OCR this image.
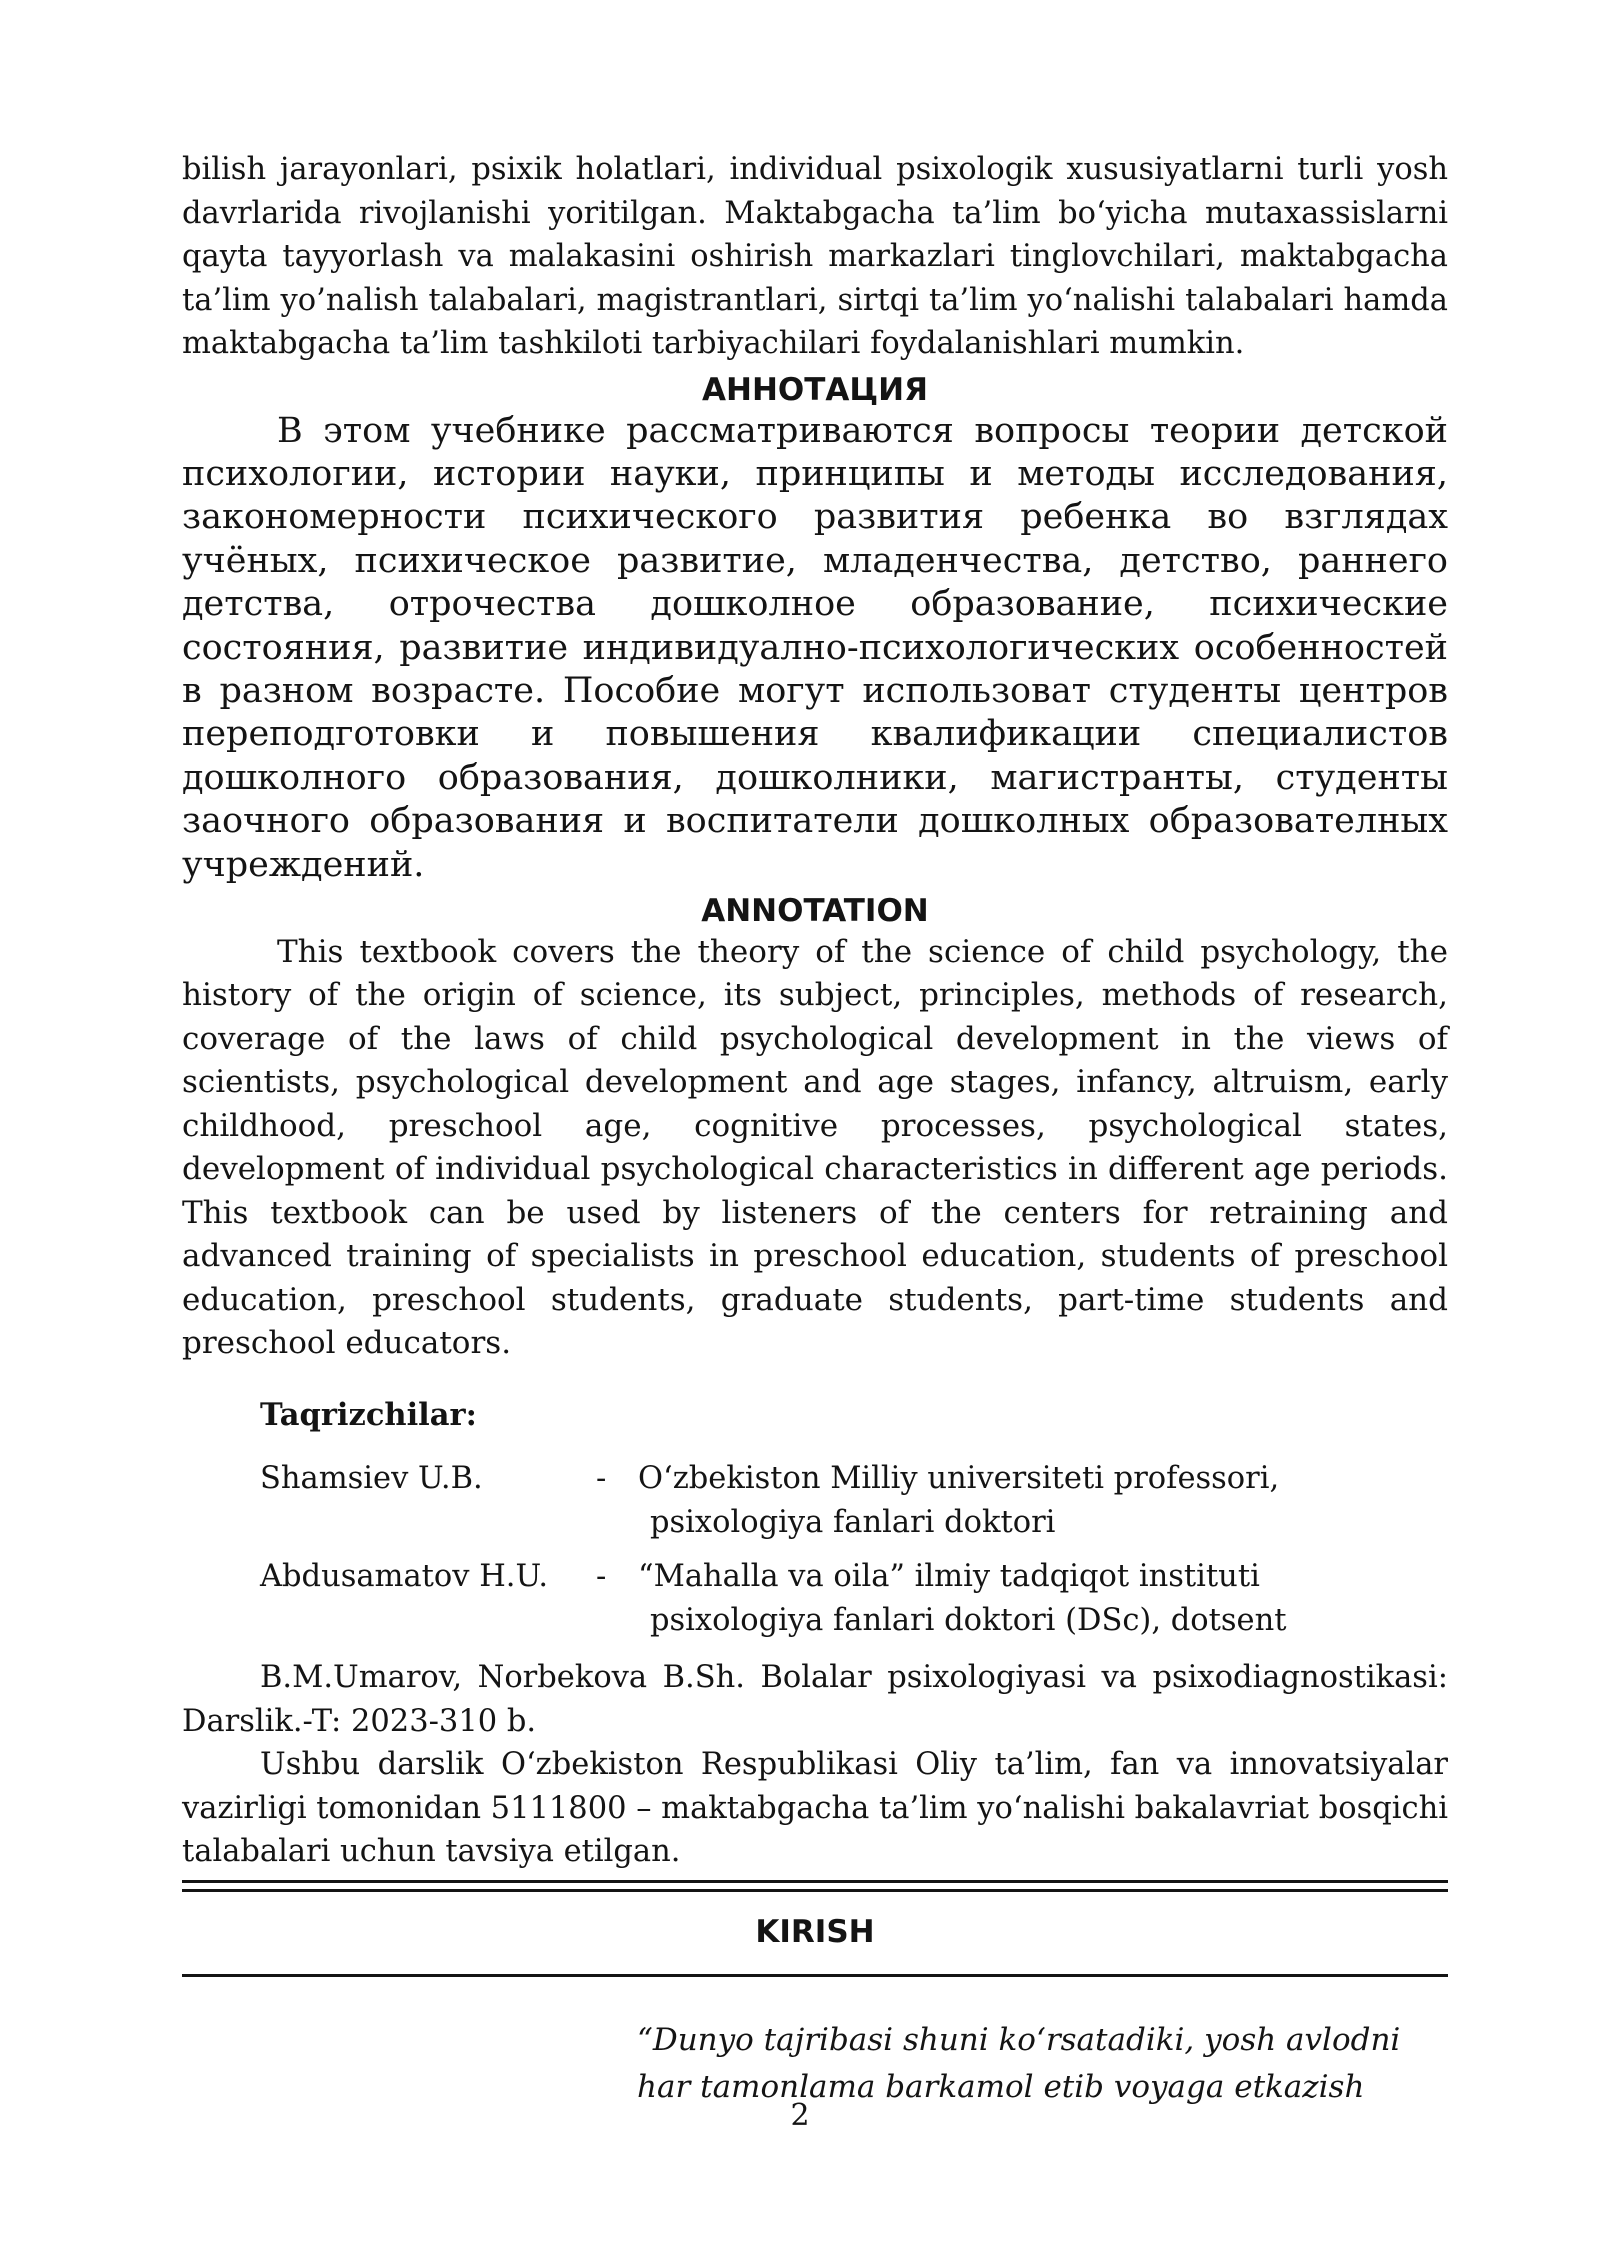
bilish jarayonlari, psixik holatlari, individual psixologik xususiyatlarni turli yosh davrlarida rivojlanishi yoritilgan. Maktabgacha ta’lim bo‘yicha mutaxassislarni qayta tayyorlash va malakasini oshirish markazlari tinglovchilari, maktabgacha ta’lim yo’nalish talabalari, magistrantlari, sirtqi ta’lim yo‘nalishi talabalari hamda maktabgacha ta’lim tashkiloti tarbiyachilari foydalanishlari mumkin.

АННОТАЦИЯ

В этом учебнике рассматриваются вопросы теории детской психологии, истории науки, принципы и методы исследования, закономерности психического развития ребенка во взглядах учёных, психическое развитие, младенчества, детство, раннего детства, отрочества дошколное образование, психические состояния, развитие индивидуално-психологических особенностей в разном возрасте. Пособие могут использоват студенты центров переподготовки и повышения квалификации специалистов дошколного образования, дошколники, магистранты, студенты заочного образования и воспитатели дошколных образователных учреждений.

ANNOTATION

This textbook covers the theory of the science of child psychology, the history of the origin of science, its subject, principles, methods of research, coverage of the laws of child psychological development in the views of scientists, psychological development and age stages, infancy, altruism, early childhood, preschool age, cognitive processes, psychological states, development of individual psychological characteristics in different age periods. This textbook can be used by listeners of the centers for retraining and advanced training of specialists in preschool education, students of preschool education, preschool students, graduate students, part-time students and preschool educators.

Taqrizchilar:
Shamsiev U.B.	-	O‘zbekiston Milliy universiteti professori,
psixologiya fanlari doktori
Abdusamatov H.U.	-	“Mahalla va oila” ilmiy tadqiqot instituti
psixologiya fanlari doktori (DSc), dotsent

B.M.Umarov, Norbekova B.Sh. Bolalar psixologiyasi va psixodiagnostikasi: Darslik.-T: 2023-310 b.

Ushbu darslik O‘zbekiston Respublikasi Oliy ta’lim, fan va innovatsiyalar vazirligi tomonidan 5111800 – maktabgacha ta’lim yo‘nalishi bakalavriat bosqichi talabalari uchun tavsiya etilgan.

KIRISH
“Dunyo tajribasi shuni ko‘rsatadiki, yosh avlodni
har tamonlama barkamol etib voyaga etkazish
2
